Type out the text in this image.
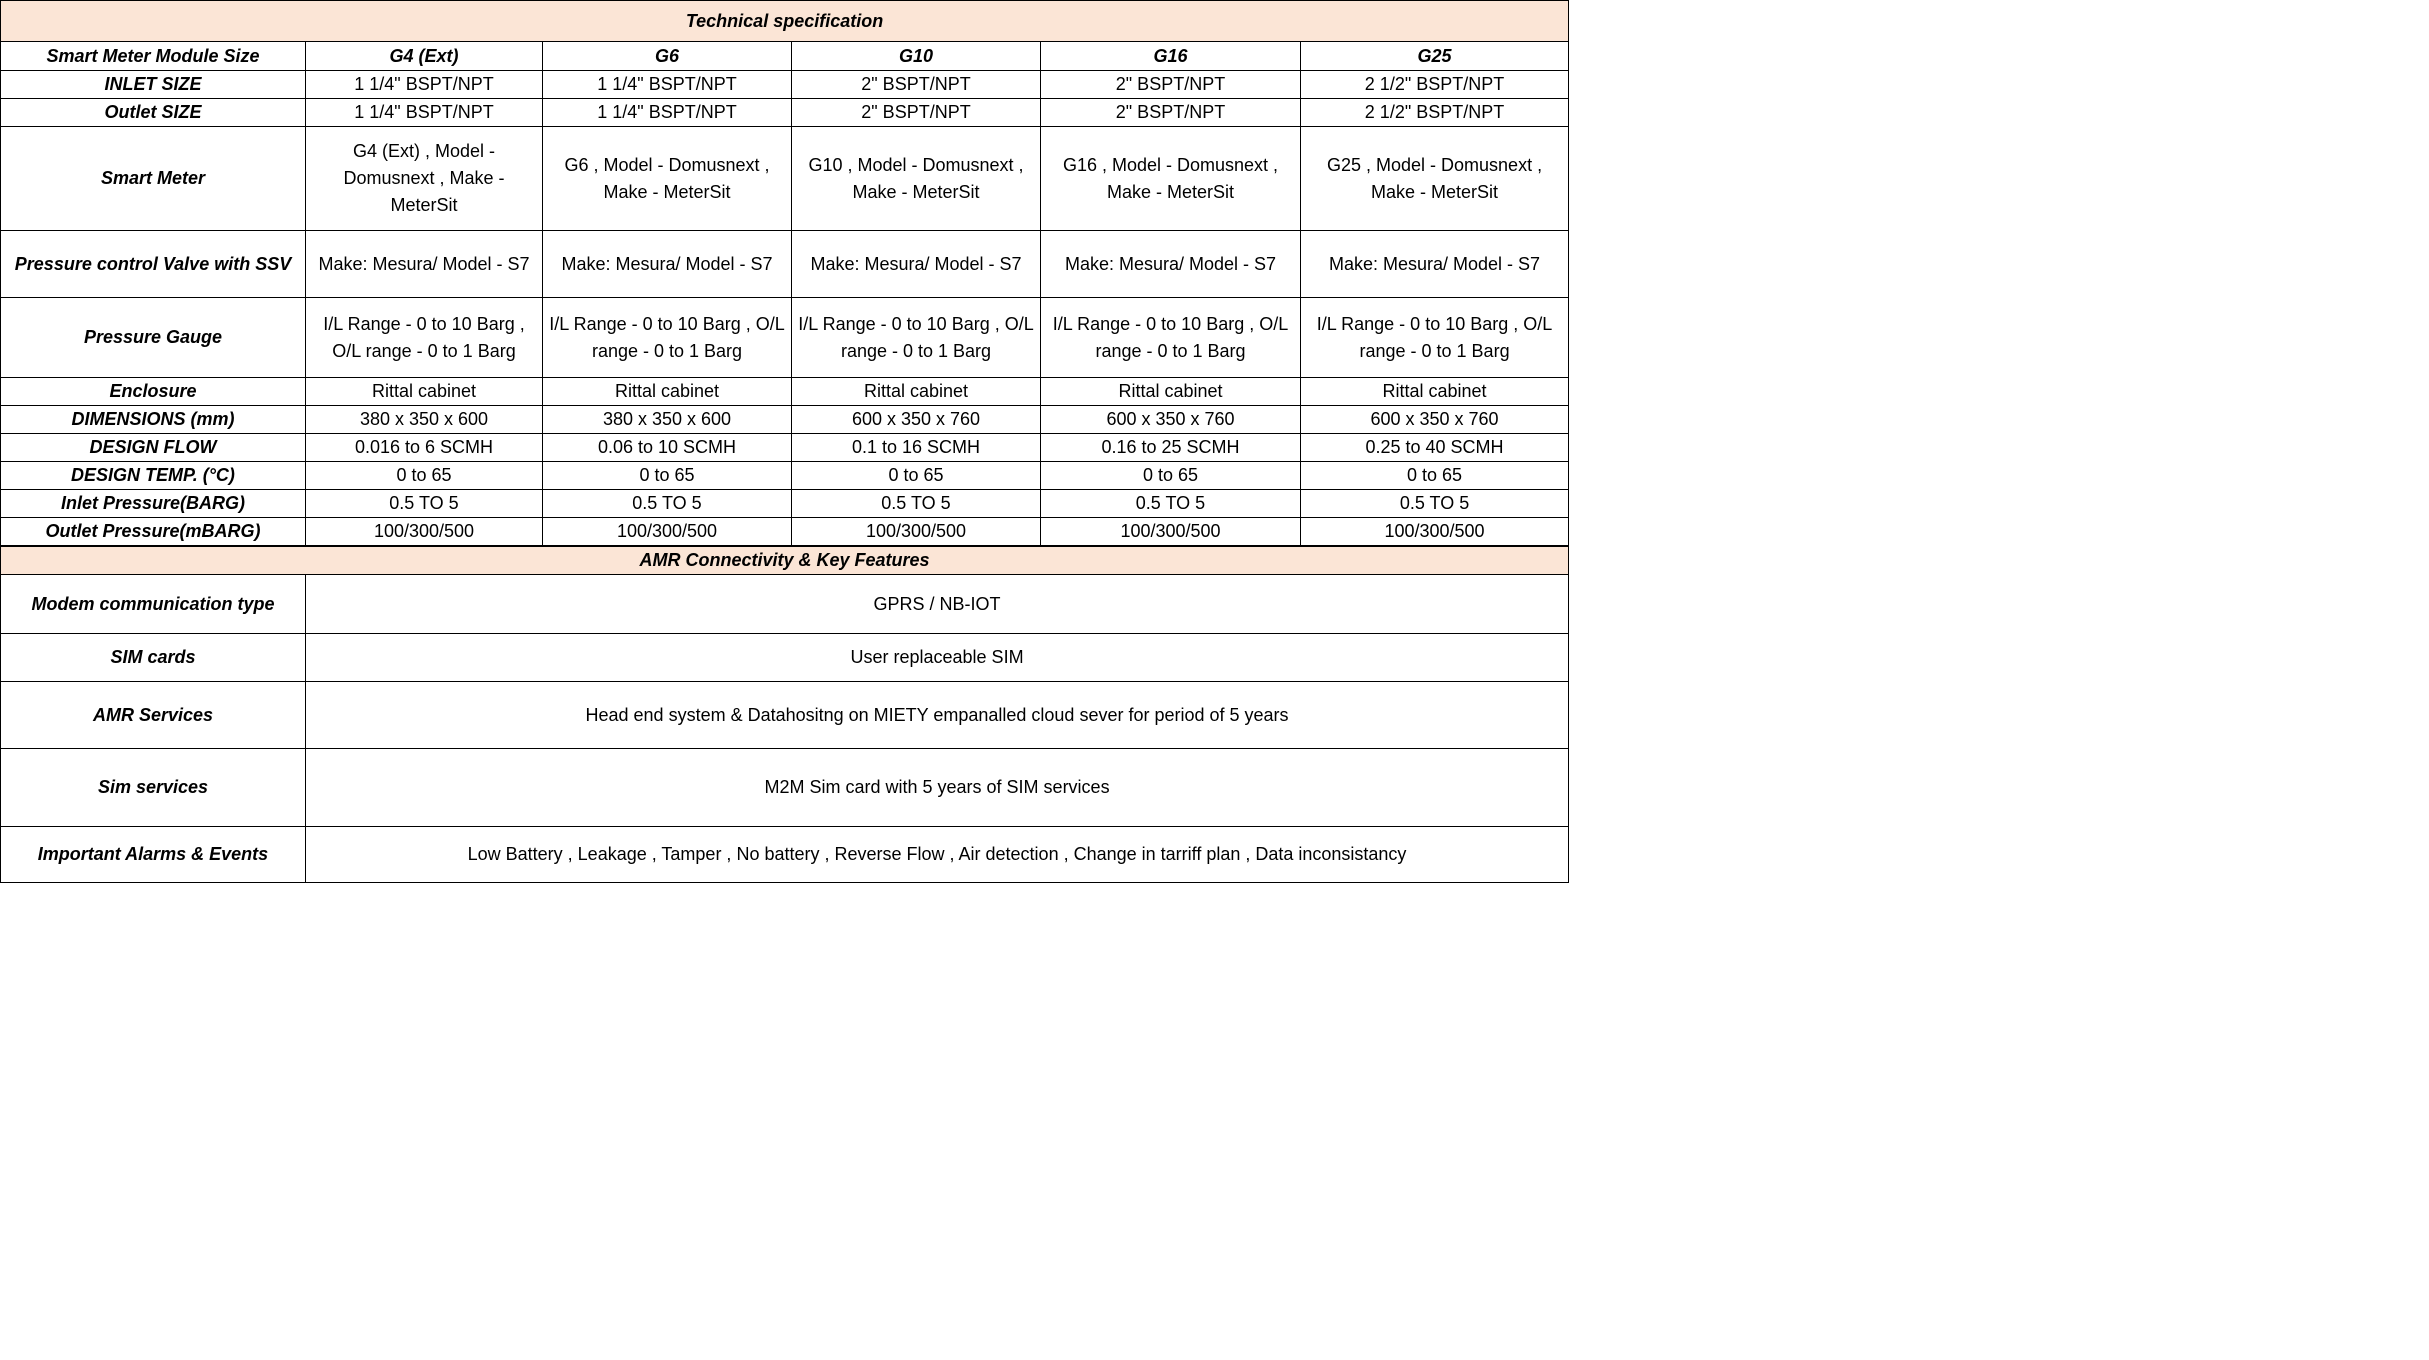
Technical specification					
Smart Meter Module Size	G4 (Ext)	G6	G10	G16	G25
INLET SIZE	1 1/4" BSPT/NPT	1 1/4" BSPT/NPT	2" BSPT/NPT	2" BSPT/NPT	2 1/2" BSPT/NPT
Outlet SIZE	1 1/4" BSPT/NPT	1 1/4" BSPT/NPT	2" BSPT/NPT	2" BSPT/NPT	2 1/2" BSPT/NPT
Smart Meter	G4 (Ext) , Model - Domusnext , Make - MeterSit	G6 , Model - Domusnext , Make - MeterSit	G10 , Model - Domusnext , Make - MeterSit	G16 , Model - Domusnext , Make - MeterSit	G25 , Model - Domusnext , Make - MeterSit
Pressure control Valve with SSV	Make: Mesura/ Model - S7	Make: Mesura/ Model - S7	Make: Mesura/ Model - S7	Make: Mesura/ Model - S7	Make: Mesura/ Model - S7
Pressure Gauge	I/L Range - 0 to 10 Barg , O/L range - 0 to 1 Barg	I/L Range - 0 to 10 Barg , O/L range - 0 to 1 Barg	I/L Range - 0 to 10 Barg , O/L range - 0 to 1 Barg	I/L Range - 0 to 10 Barg , O/L range - 0 to 1 Barg	I/L Range - 0 to 10 Barg , O/L range - 0 to 1 Barg
Enclosure	Rittal cabinet	Rittal cabinet	Rittal cabinet	Rittal cabinet	Rittal cabinet
DIMENSIONS (mm)	380 x 350 x 600	380 x 350 x 600	600 x 350 x 760	600 x 350 x 760	600 x 350 x 760
DESIGN FLOW	0.016 to 6 SCMH	0.06 to 10 SCMH	0.1 to 16 SCMH	0.16 to 25 SCMH	0.25 to 40 SCMH
DESIGN TEMP. (°C)	0 to 65	0 to 65	0 to 65	0 to 65	0 to 65
Inlet Pressure(BARG)	0.5 TO 5	0.5 TO 5	0.5 TO 5	0.5 TO 5	0.5 TO 5
Outlet Pressure(mBARG)	100/300/500	100/300/500	100/300/500	100/300/500	100/300/500
AMR Connectivity & Key Features					
Modem communication type	GPRS / NB-IOT				
SIM cards	User replaceable SIM				
AMR Services	Head end system & Datahositng on MIETY empanalled cloud sever for period of 5 years				
Sim services	M2M Sim card with 5 years of SIM services				
Important Alarms & Events	Low Battery , Leakage , Tamper , No battery , Reverse Flow , Air detection , Change in tarriff plan , Data inconsistancy				
